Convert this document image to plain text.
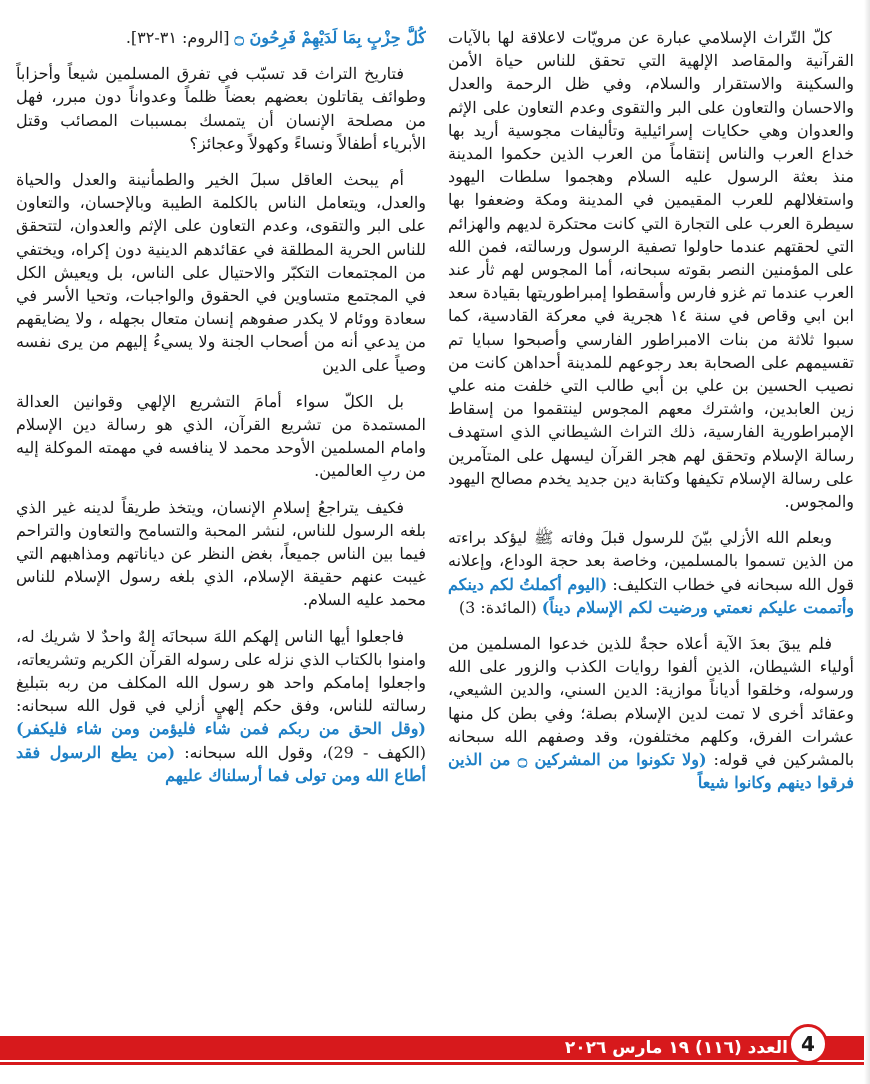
كلّ التّراث الإسلامي عبارة عن مرويّات لاعلاقة لها بالآيات القرآنية والمقاصد الإلهية التي تحقق للناس حياة الأمن والسكينة والاستقرار والسلام، وفي ظل الرحمة والعدل والاحسان والتعاون على البر والتقوى وعدم التعاون على الإثم والعدوان وهي حكايات إسرائيلية وتأليفات مجوسية أريد بها خداع العرب والناس إنتقاماً من العرب الذين حكموا المدينة منذ بعثة الرسول عليه السلام وهجموا سلطات اليهود واستغلالهم للعرب المقيمين في المدينة ومكة وضعفوا بها سيطرة العرب على التجارة التي كانت محتكرة لديهم والهزائم التي لحقتهم عندما حاولوا تصفية الرسول ورسالته، فمن الله على المؤمنين النصر بقوته سبحانه، أما المجوس لهم ثأر عند العرب عندما تم غزو فارس وأسقطوا إمبراطوريتها بقيادة سعد ابن ابي وقاص في سنة ١٤ هجرية في معركة القادسية، كما سبوا ثلاثة من بنات الامبراطور الفارسي وأصبحوا سبايا تم تقسيمهم على الصحابة بعد رجوعهم للمدينة أحداهن كانت من نصيب الحسين بن علي بن أبي طالب التي خلفت منه علي زين العابدين، واشترك معهم المجوس لينتقموا من إسقاط الإمبراطورية الفارسية، ذلك التراث الشيطاني الذي استهدف رسالة الإسلام وتحقق لهم هجر القرآن ليسهل على المتآمرين على رسالة الإسلام تكيفها وكتابة دين جديد يخدم مصالح اليهود والمجوس.

وبعلم الله الأزلي بيّنَ للرسول قبلَ وفاته ﷺ ليؤكد براءته من الذين تسموا بالمسلمين، وخاصة بعد حجة الوداع، وإعلانه قول الله سبحانه في خطاب التكليف: (اليوم أكملتُ لكم دينكم وأتممت عليكم نعمتي ورضيت لكم الإسلام ديناً) (المائدة: 3)

فلم يبقَ بعدَ الآية أعلاه حجةٌ للذين خدعوا المسلمين من أولياء الشيطان، الذين ألفوا روايات الكذب والزور على الله ورسوله، وخلقوا أدياناً موازية: الدين السني، والدين الشيعي، وعقائد أخرى لا تمت لدين الإسلام بصلة؛ وفي بطن كل منها عشرات الفرق، وكلهم مختلفون، وقد وصفهم الله سبحانه بالمشركين في قوله: (ولا تكونوا من المشركين ۝ من الذين فرقوا دينهم وكانوا شيعاً

كُلُّ حِزْبٍ بِمَا لَدَيْهِمْ فَرِحُونَ ۝ [الروم: ٣١-٣٢].

فتاريخ التراث قد تسبّب في تفرق المسلمين شيعاً وأحزاباً وطوائف يقاتلون بعضهم بعضاً ظلماً وعدواناً دون مبرر، فهل من مصلحة الإنسان أن يتمسك بمسببات المصائب وقتل الأبرياء أطفالاً ونساءً وكهولاً وعجائز؟

أم يبحث العاقل سبلَ الخير والطمأنينة والعدل والحياة والعدل، ويتعامل الناس بالكلمة الطيبة وبالإحسان، والتعاون على البر والتقوى، وعدم التعاون على الإثم والعدوان، لتتحقق للناس الحرية المطلقة في عقائدهم الدينية دون إكراه، ويختفي من المجتمعات التكبّر والاحتيال على الناس، بل ويعيش الكل في المجتمع متساوين في الحقوق والواجبات، وتحيا الأسر في سعادة ووئام لا يكدر صفوهم إنسان متعال بجهله ، ولا يضايقهم من يدعي أنه من أصحاب الجنة ولا يسيءُ إليهم من يرى نفسه وصياً على الدين

بل الكلّ سواء أمامَ التشريع الإلهي وقوانين العدالة المستمدة من تشريع القرآن، الذي هو رسالة دين الإسلام وامام المسلمين الأوحد محمد لا ينافسه في مهمته الموكلة إليه من ربِ العالمين.

فكيف يتراجعُ إسلامِ الإنسان، ويتخذ طريقاً لدينه غير الذي بلغه الرسول للناس، لنشر المحبة والتسامح والتعاون والتراحم فيما بين الناس جميعاً، بغض النظر عن دياناتهم ومذاهبهم التي غيبت عنهم حقيقة الإسلام، الذي بلغه رسول الإسلام للناس محمد عليه السلام.

فاجعلوا أيها الناس إلهكم اللهَ سبحانَه إلهٌ واحدٌ لا شريك له، وامنوا بالكتاب الذي نزله على رسوله القرآن الكريم وتشريعاته، واجعلوا إمامكم واحد هو رسول الله المكلف من ربه بتبليغ رسالته للناس، وفق حكم إلهيٍ أزلي في قول الله سبحانه: (وقل الحق من ربكم فمن شاء فليؤمن ومن شاء فليكفر) (الكهف - 29)، وقول الله سبحانه: (من يطع الرسول فقد أطاع الله ومن تولى فما أرسلناك عليهم

العدد (١١٦) ١٩ مارس ٢٠٢٦ 4
